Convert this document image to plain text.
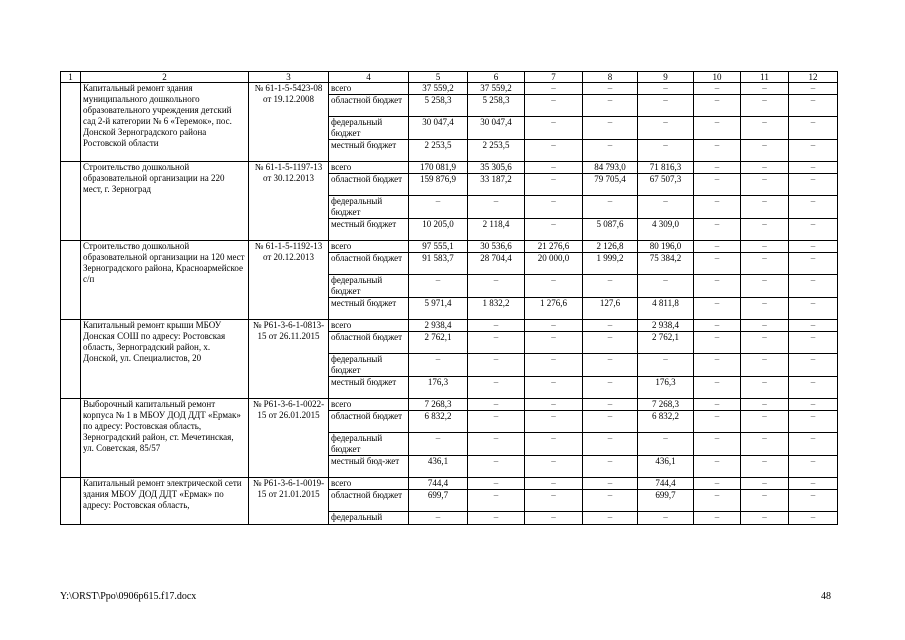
1	2	3	4	5	6	7	8	9	10	11	12
	Капитальный ремонт здания муниципального дошкольного образовательного учреждения детский сад 2-й категории № 6 «Теремок», пос. Донской Зерноградского района Ростовской области	№ 61-1-5-5423-08 от 19.12.2008	всего	37 559,2	37 559,2	–	–	–	–	–	–
			областной бюджет	5 258,3	5 258,3	–	–	–	–	–	–
			федеральный бюджет	30 047,4	30 047,4	–	–	–	–	–	–
			местный бюджет	2 253,5	2 253,5	–	–	–	–	–	–
	Строительство дошкольной образовательной организации на 220 мест, г. Зерноград	№ 61-1-5-1197-13 от 30.12.2013	всего	170 081,9	35 305,6	–	84 793,0	71 816,3	–	–	–
			областной бюджет	159 876,9	33 187,2	–	79 705,4	67 507,3	–	–	–
			федеральный бюджет	–	–	–	–	–	–	–	–
			местный бюджет	10 205,0	2 118,4	–	5 087,6	4 309,0	–	–	–
	Строительство дошкольной образовательной организации на 120 мест Зерноградского района, Красноармейское с/п	№ 61-1-5-1192-13 от 20.12.2013	всего	97 555,1	30 536,6	21 276,6	2 126,8	80 196,0	–	–	–
			областной бюджет	91 583,7	28 704,4	20 000,0	1 999,2	75 384,2	–	–	–
			федеральный бюджет	–	–	–	–	–	–	–	–
			местный бюджет	5 971,4	1 832,2	1 276,6	127,6	4 811,8	–	–	–
	Капитальный ремонт крыши МБОУ Донская СОШ по адресу: Ростовская область, Зерноградский район, х. Донской, ул. Специалистов, 20	№ Р61-3-6-1-0813-15 от 26.11.2015	всего	2 938,4	–	–	–	2 938,4	–	–	–
			областной бюджет	2 762,1	–	–	–	2 762,1	–	–	–
			федеральный бюджет	–	–	–	–	–	–	–	–
			местный бюджет	176,3	–	–	–	176,3	–	–	–
	Выборочный капитальный ремонт корпуса № 1 в МБОУ ДОД ДДТ «Ермак» по адресу: Ростовская область, Зерноградский район, ст. Мечетинская, ул. Советская, 85/57	№ Р61-3-6-1-0022-15 от 26.01.2015	всего	7 268,3	–	–	–	7 268,3	–	–	–
			областной бюджет	6 832,2	–	–	–	6 832,2	–	–	–
			федеральный бюджет	–	–	–	–	–	–	–	–
			местный бюд-жет	436,1	–	–	–	436,1	–	–	–
	Капитальный ремонт электрической сети здания МБОУ ДОД ДДТ «Ермак» по адресу: Ростовская область,	№ Р61-3-6-1-0019-15 от 21.01.2015	всего	744,4	–	–	–	744,4	–	–	–
			областной бюджет	699,7	–	–	–	699,7	–	–	–
			федеральный	–	–	–	–	–	–	–	–
Y:\ORST\Ppo\0906p615.f17.docx	48
